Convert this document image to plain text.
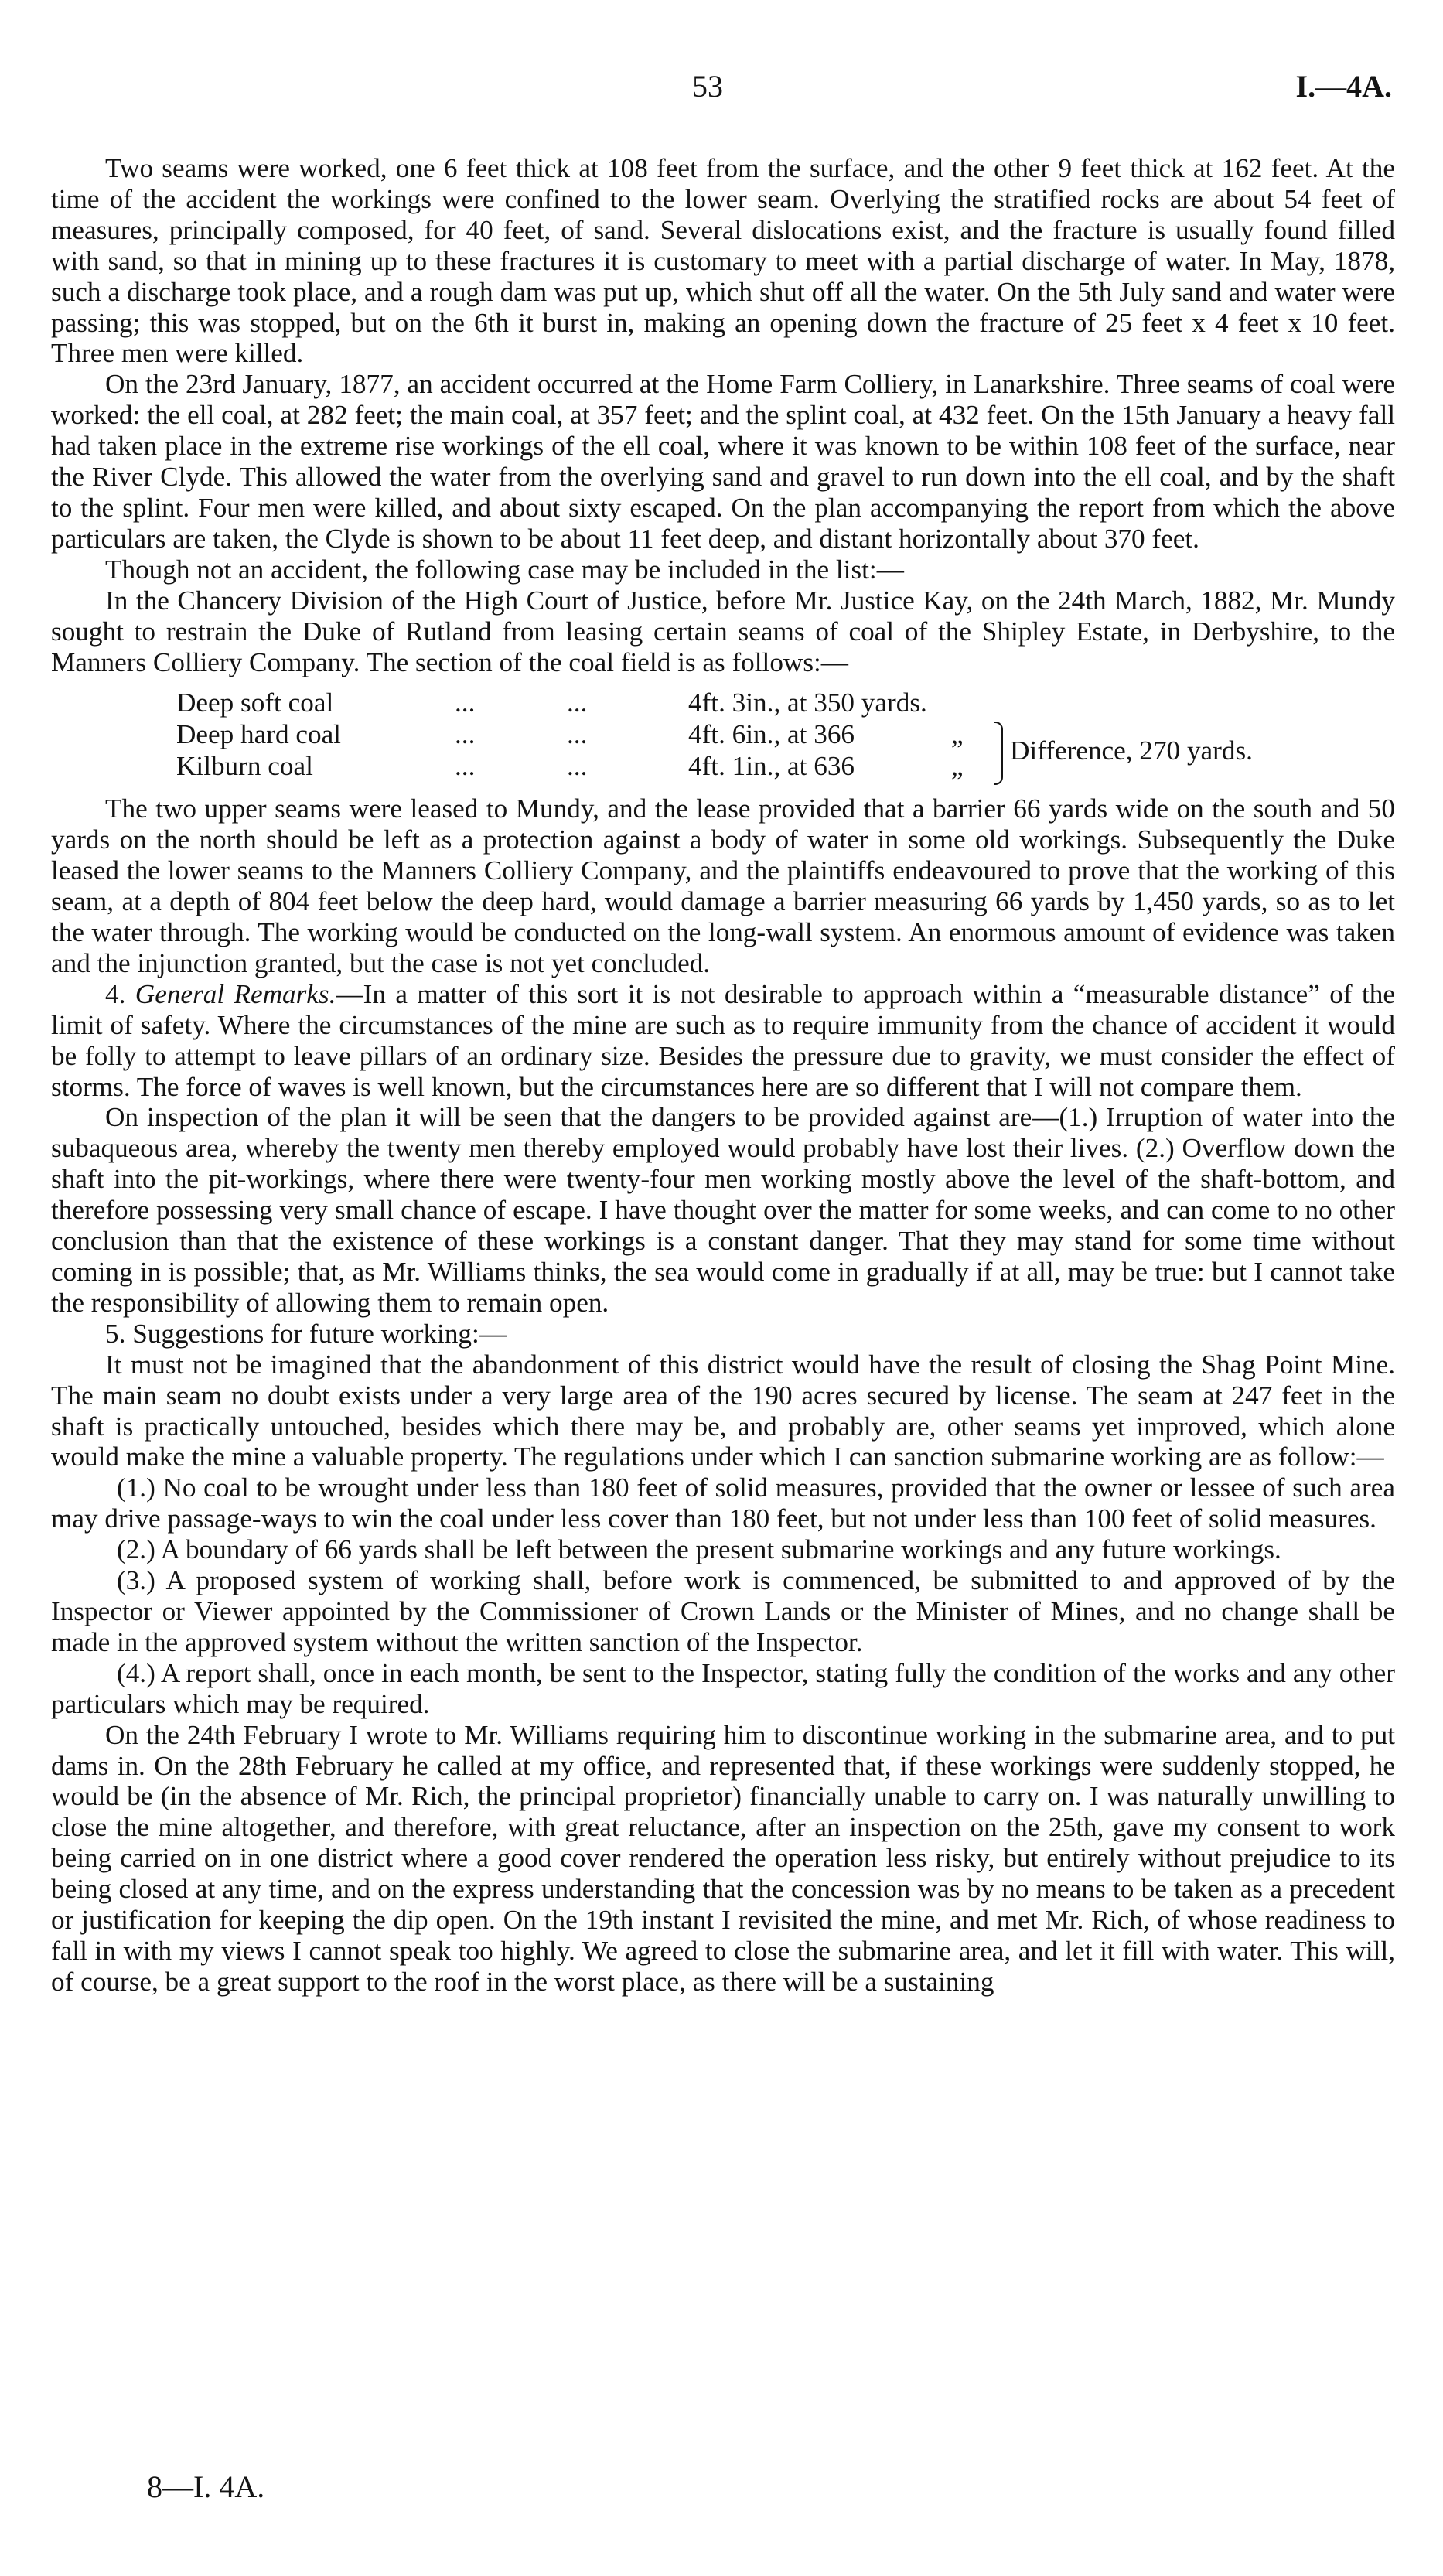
53	I.—4A.

Two seams were worked, one 6 feet thick at 108 feet from the surface, and the other 9 feet thick at 162 feet. At the time of the accident the workings were confined to the lower seam. Overlying the stratified rocks are about 54 feet of measures, principally composed, for 40 feet, of sand. Several dislocations exist, and the fracture is usually found filled with sand, so that in mining up to these fractures it is customary to meet with a partial discharge of water. In May, 1878, such a discharge took place, and a rough dam was put up, which shut off all the water. On the 5th July sand and water were passing; this was stopped, but on the 6th it burst in, making an opening down the fracture of 25 feet x 4 feet x 10 feet. Three men were killed.

On the 23rd January, 1877, an accident occurred at the Home Farm Colliery, in Lanarkshire. Three seams of coal were worked: the ell coal, at 282 feet; the main coal, at 357 feet; and the splint coal, at 432 feet. On the 15th January a heavy fall had taken place in the extreme rise workings of the ell coal, where it was known to be within 108 feet of the surface, near the River Clyde. This allowed the water from the overlying sand and gravel to run down into the ell coal, and by the shaft to the splint. Four men were killed, and about sixty escaped. On the plan accompanying the report from which the above particulars are taken, the Clyde is shown to be about 11 feet deep, and distant horizontally about 370 feet.

Though not an accident, the following case may be included in the list:—

In the Chancery Division of the High Court of Justice, before Mr. Justice Kay, on the 24th March, 1882, Mr. Mundy sought to restrain the Duke of Rutland from leasing certain seams of coal of the Shipley Estate, in Derbyshire, to the Manners Colliery Company. The section of the coal field is as follows:—

Deep soft coal	...	...	4ft. 3in., at 350 yards.
Deep hard coal	...	...	4ft. 6in., at 366	„
Kilburn coal	...	...	4ft. 1in., at 636	„
Difference, 270 yards.

The two upper seams were leased to Mundy, and the lease provided that a barrier 66 yards wide on the south and 50 yards on the north should be left as a protection against a body of water in some old workings. Subsequently the Duke leased the lower seams to the Manners Colliery Company, and the plaintiffs endeavoured to prove that the working of this seam, at a depth of 804 feet below the deep hard, would damage a barrier measuring 66 yards by 1,450 yards, so as to let the water through. The working would be conducted on the long-wall system. An enormous amount of evidence was taken and the injunction granted, but the case is not yet concluded.

4. General Remarks.—In a matter of this sort it is not desirable to approach within a “measurable distance” of the limit of safety. Where the circumstances of the mine are such as to require immunity from the chance of accident it would be folly to attempt to leave pillars of an ordinary size. Besides the pressure due to gravity, we must consider the effect of storms. The force of waves is well known, but the circumstances here are so different that I will not compare them.

On inspection of the plan it will be seen that the dangers to be provided against are—(1.) Irruption of water into the subaqueous area, whereby the twenty men thereby employed would probably have lost their lives. (2.) Overflow down the shaft into the pit-workings, where there were twenty-four men working mostly above the level of the shaft-bottom, and therefore possessing very small chance of escape. I have thought over the matter for some weeks, and can come to no other conclusion than that the existence of these workings is a constant danger. That they may stand for some time without coming in is possible; that, as Mr. Williams thinks, the sea would come in gradually if at all, may be true: but I cannot take the responsibility of allowing them to remain open.

5. Suggestions for future working:—

It must not be imagined that the abandonment of this district would have the result of closing the Shag Point Mine. The main seam no doubt exists under a very large area of the 190 acres secured by license. The seam at 247 feet in the shaft is practically untouched, besides which there may be, and probably are, other seams yet improved, which alone would make the mine a valuable property. The regulations under which I can sanction submarine working are as follow:—

(1.) No coal to be wrought under less than 180 feet of solid measures, provided that the owner or lessee of such area may drive passage-ways to win the coal under less cover than 180 feet, but not under less than 100 feet of solid measures.

(2.) A boundary of 66 yards shall be left between the present submarine workings and any future workings.

(3.) A proposed system of working shall, before work is commenced, be submitted to and approved of by the Inspector or Viewer appointed by the Commissioner of Crown Lands or the Minister of Mines, and no change shall be made in the approved system without the written sanction of the Inspector.

(4.) A report shall, once in each month, be sent to the Inspector, stating fully the condition of the works and any other particulars which may be required.

On the 24th February I wrote to Mr. Williams requiring him to discontinue working in the submarine area, and to put dams in. On the 28th February he called at my office, and represented that, if these workings were suddenly stopped, he would be (in the absence of Mr. Rich, the principal proprietor) financially unable to carry on. I was naturally unwilling to close the mine altogether, and therefore, with great reluctance, after an inspection on the 25th, gave my consent to work being carried on in one district where a good cover rendered the operation less risky, but entirely without prejudice to its being closed at any time, and on the express understanding that the concession was by no means to be taken as a precedent or justification for keeping the dip open. On the 19th instant I revisited the mine, and met Mr. Rich, of whose readiness to fall in with my views I cannot speak too highly. We agreed to close the submarine area, and let it fill with water. This will, of course, be a great support to the roof in the worst place, as there will be a sustaining

8—I. 4A.
